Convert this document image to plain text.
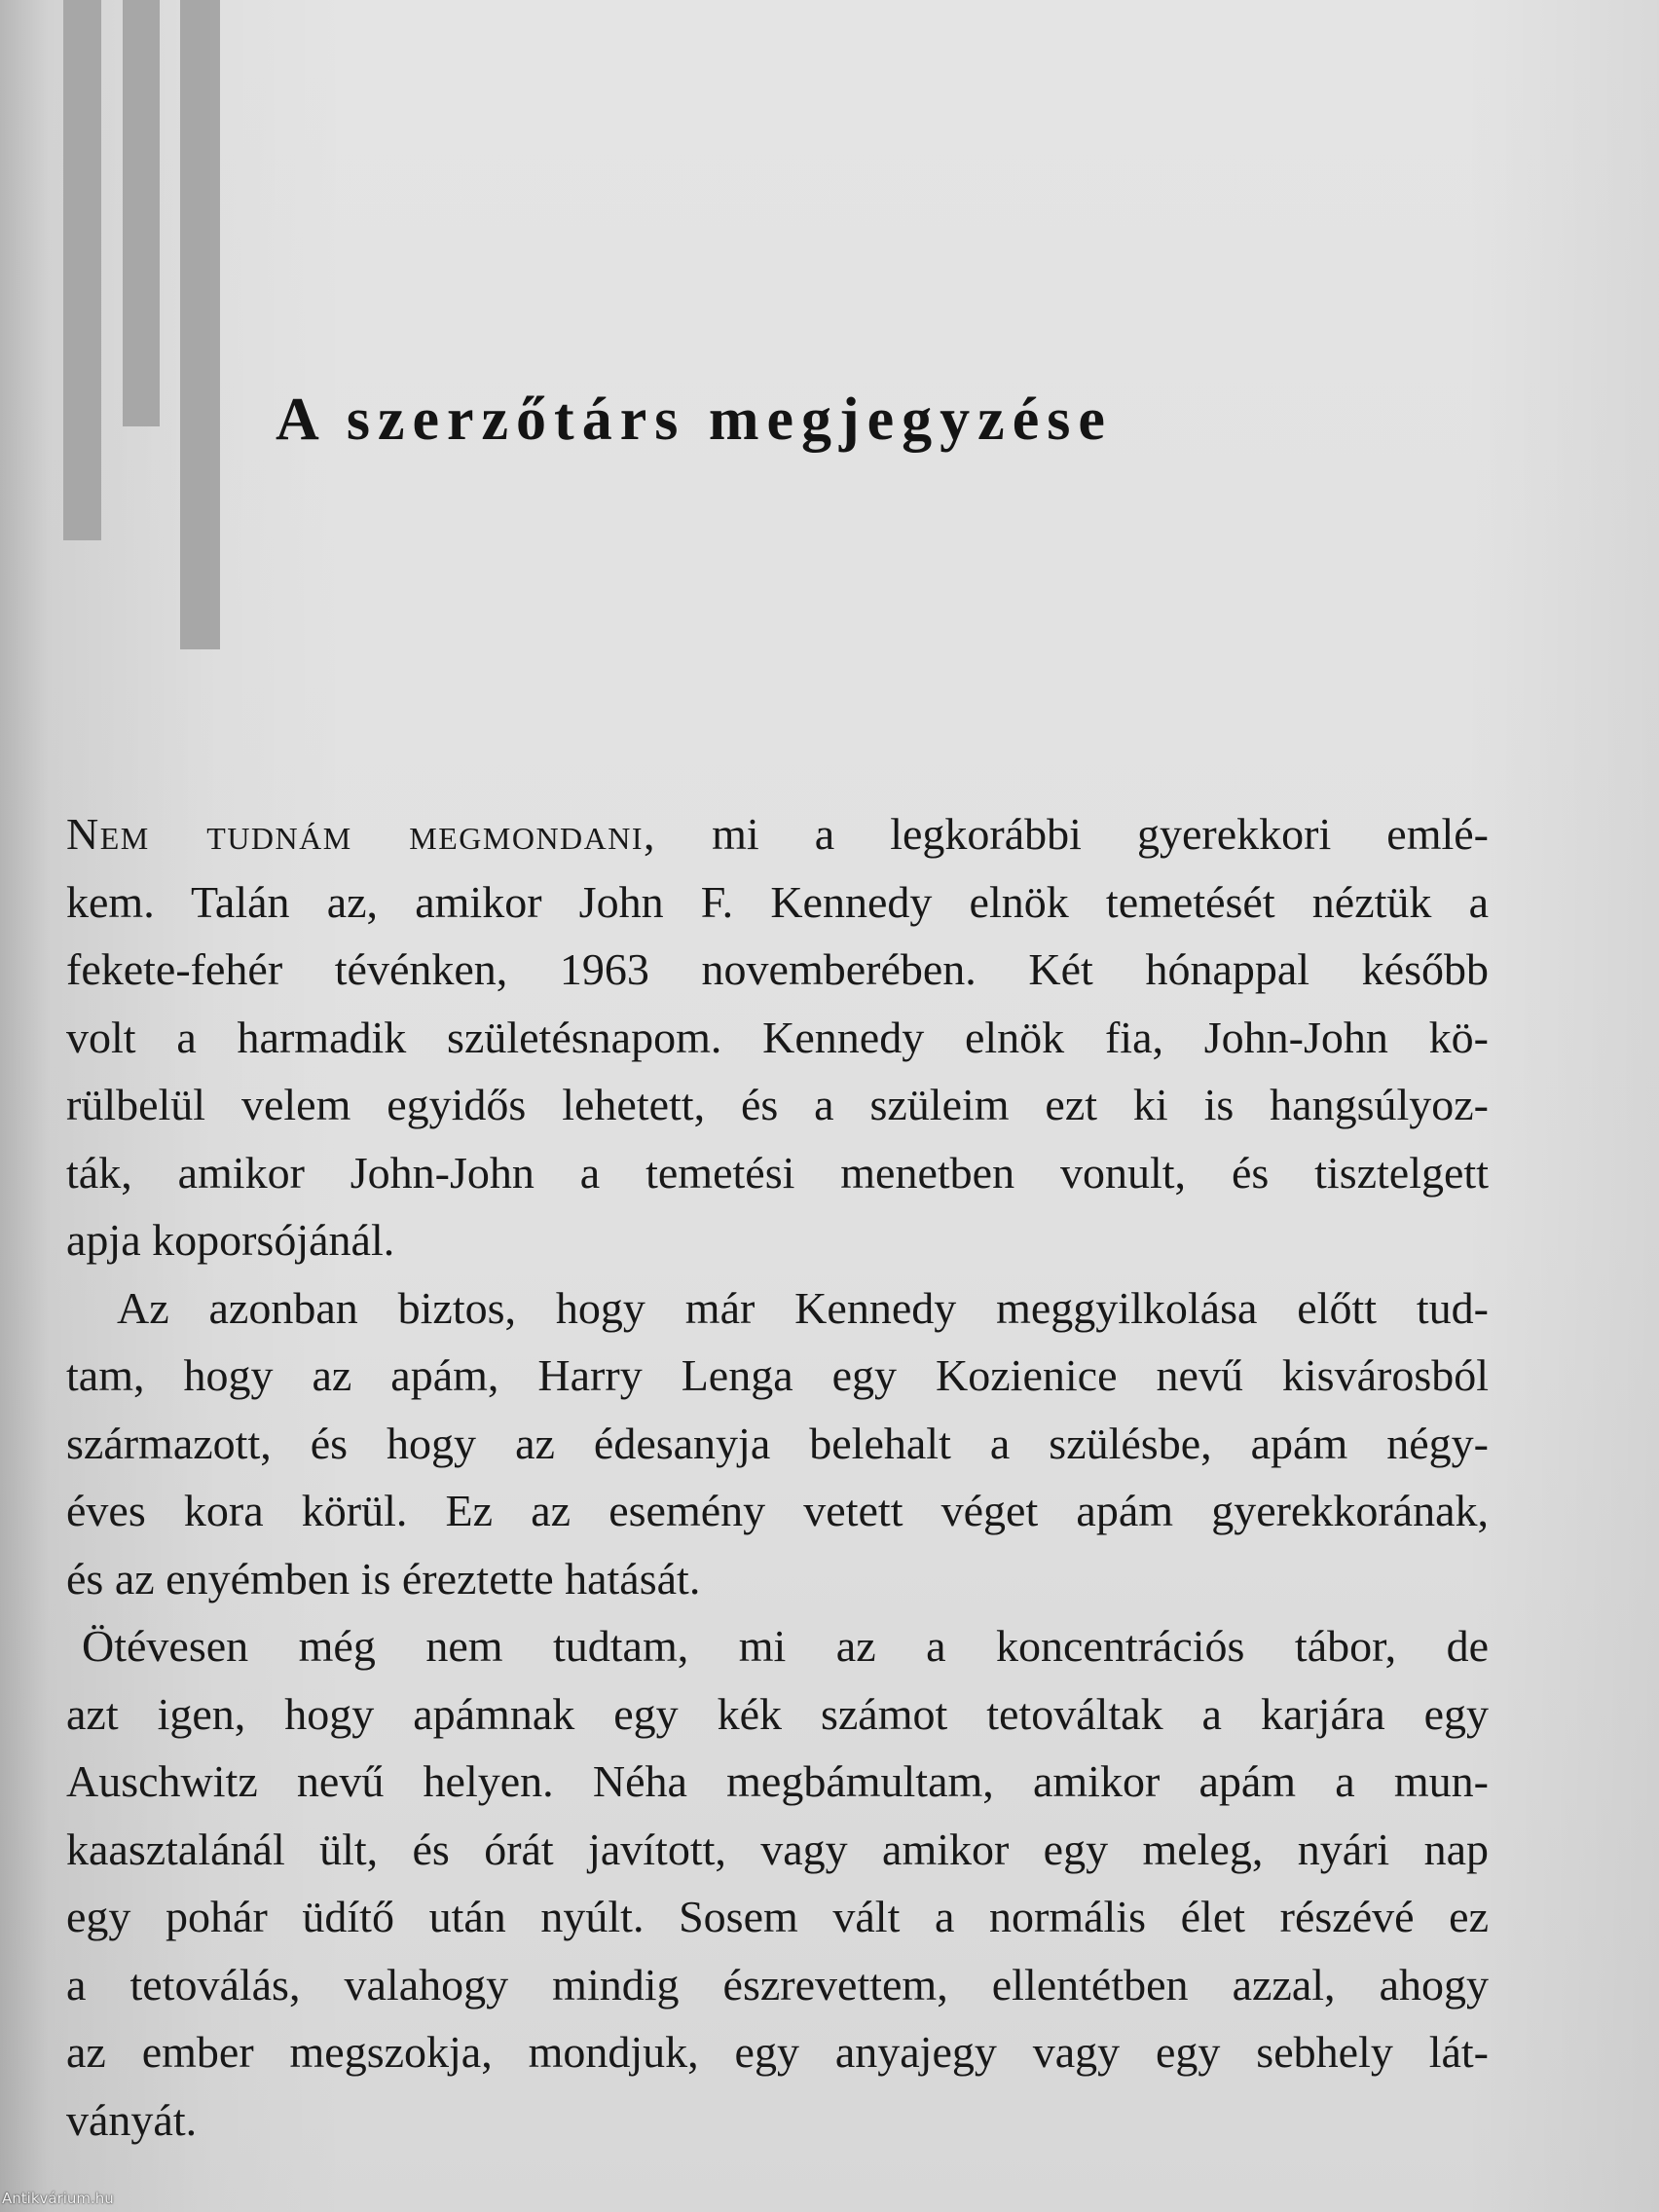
A szerzőtárs megjegyzése
Nem tudnám megmondani, mi a legkorábbi gyerekkori emlé-
kem. Talán az, amikor John F. Kennedy elnök temetését néztük a
fekete-fehér tévénken, 1963 novemberében. Két hónappal később
volt a harmadik születésnapom. Kennedy elnök fia, John-John kö-
rülbelül velem egyidős lehetett, és a szüleim ezt ki is hangsúlyoz-
ták, amikor John-John a temetési menetben vonult, és tisztelgett
apja koporsójánál.
Az azonban biztos, hogy már Kennedy meggyilkolása előtt tud-
tam, hogy az apám, Harry Lenga egy Kozienice nevű kisvárosból
származott, és hogy az édesanyja belehalt a szülésbe, apám négy-
éves kora körül. Ez az esemény vetett véget apám gyerekkorának,
és az enyémben is éreztette hatását.
Ötévesen még nem tudtam, mi az a koncentrációs tábor, de
azt igen, hogy apámnak egy kék számot tetováltak a karjára egy
Auschwitz nevű helyen. Néha megbámultam, amikor apám a mun-
kaasztalánál ült, és órát javított, vagy amikor egy meleg, nyári nap
egy pohár üdítő után nyúlt. Sosem vált a normális élet részévé ez
a tetoválás, valahogy mindig észrevettem, ellentétben azzal, ahogy
az ember megszokja, mondjuk, egy anyajegy vagy egy sebhely lát-
ványát.
Antikvárium.hu
